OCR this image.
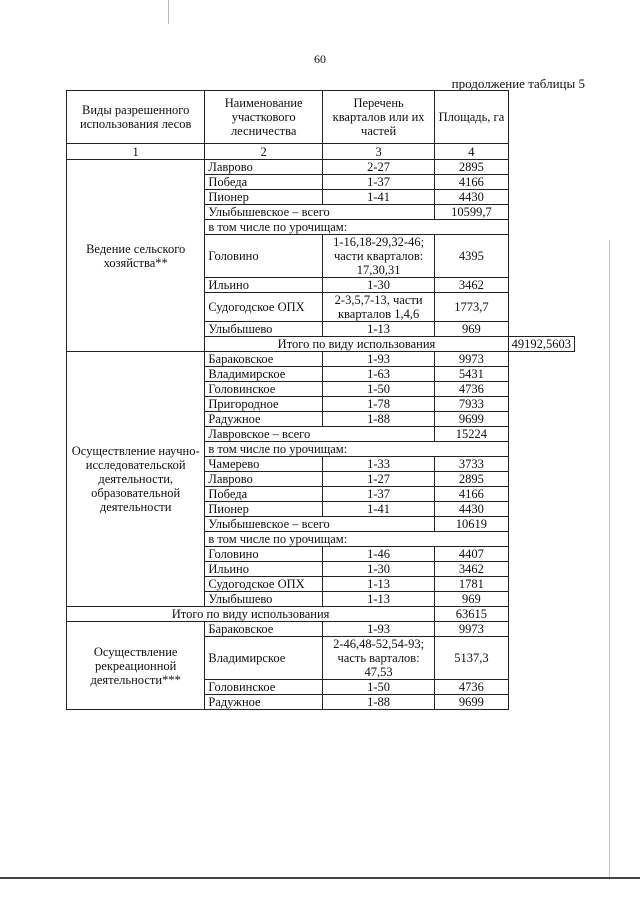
60
продолжение таблицы 5
Виды разрешенного использования лесов	Наименование участкового лесничества	Перечень кварталов или их частей	Площадь, га	
1	2	3	4	
Ведение сельского хозяйства**	Лаврово	2-27	2895	
	Победа	1-37	4166	
	Пионер	1-41	4430	
	Улыбышевское – всего		10599,7	
	в том числе по урочищам:			
	Головино	1-16,18-29,32-46; части кварталов: 17,30,31	4395	
	Ильино	1-30	3462	
	Судогодское ОПХ	2-3,5,7-13, части кварталов 1,4,6	1773,7	
	Улыбышево	1-13	969	
	Итого по виду использования			49192,5603
Осуществление научно-исследовательской деятельности, образовательной деятельности	Бараковское	1-93	9973	
	Владимирское	1-63	5431	
	Головинское	1-50	4736	
	Пригородное	1-78	7933	
	Радужное	1-88	9699	
	Лавровское – всего		15224	
	в том числе по урочищам:			
	Чамерево	1-33	3733	
	Лаврово	1-27	2895	
	Победа	1-37	4166	
	Пионер	1-41	4430	
	Улыбышевское – всего		10619	
	в том числе по урочищам:			
	Головино	1-46	4407	
	Ильино	1-30	3462	
	Судогодское ОПХ	1-13	1781	
	Улыбышево	1-13	969	
Итого по виду использования			63615	
Осуществление рекреационной деятельности***	Бараковское	1-93	9973	
	Владимирское	2-46,48-52,54-93; часть варталов: 47,53	5137,3	
	Головинское	1-50	4736	
	Радужное	1-88	9699	
